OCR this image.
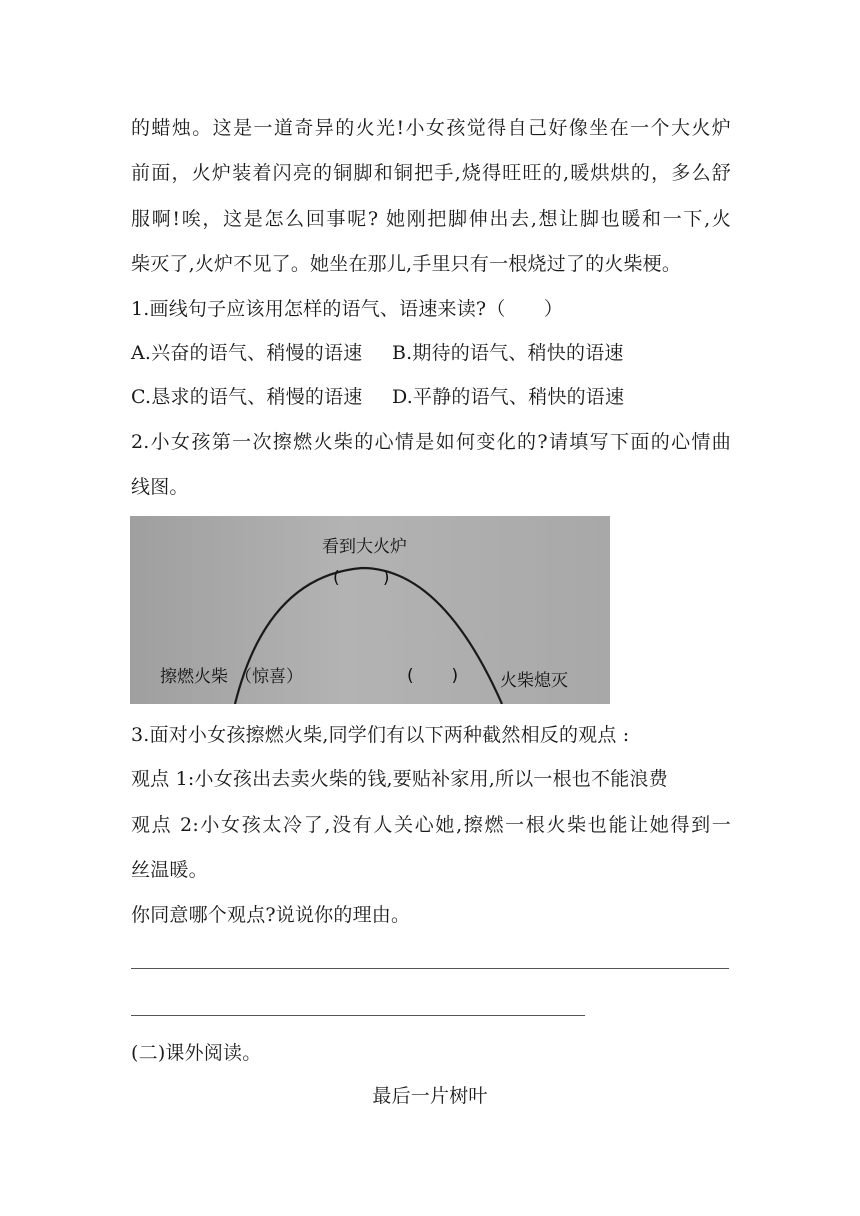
的蜡烛。这是一道奇异的火光!小女孩觉得自己好像坐在一个大火炉
前面，火炉装着闪亮的铜脚和铜把手,烧得旺旺的,暖烘烘的，多么舒
服啊!唉，这是怎么回事呢? 她刚把脚伸出去,想让脚也暖和一下,火
柴灭了,火炉不见了。她坐在那儿,手里只有一根烧过了的火柴梗。
1.画线句子应该用怎样的语气、语速来读?（　　）
A.兴奋的语气、稍慢的语速 B.期待的语气、稍快的语速
C.恳求的语气、稍慢的语速 D.平静的语气、稍快的语速
2.小女孩第一次擦燃火柴的心情是如何变化的?请填写下面的心情曲
线图。
看到大火炉
(        )
擦燃火柴 （惊喜）	(       ) 火柴熄灭
3.面对小女孩擦燃火柴,同学们有以下两种截然相反的观点 :
观点 1:小女孩出去卖火柴的钱,要贴补家用,所以一根也不能浪费
观点 2:小女孩太冷了,没有人关心她,擦燃一根火柴也能让她得到一
丝温暖。
你同意哪个观点?说说你的理由。
(二)课外阅读。
最后一片树叶
